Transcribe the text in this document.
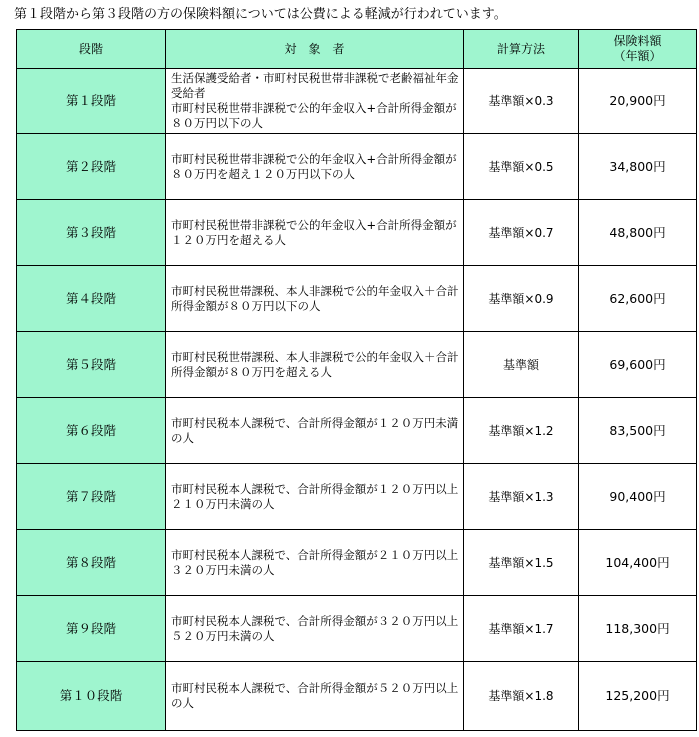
第１段階から第３段階の方の保険料額については公費による軽減が行われています。
段階	対　象　者	計算方法	保険料額
（年額）

第１段階	生活保護受給者・市町村民税世帯非課税で老齢福祉年金受給者
市町村民税世帯非課税で公的年金収入+合計所得金額が８０万円以下の人	基準額×0.3	20,900円
第２段階	市町村民税世帯非課税で公的年金収入+合計所得金額が８０万円を超え１２０万円以下の人	基準額×0.5	34,800円
第３段階	市町村民税世帯非課税で公的年金収入+合計所得金額が１２０万円を超える人	基準額×0.7	48,800円
第４段階	市町村民税世帯課税、本人非課税で公的年金収入＋合計所得金額が８０万円以下の人	基準額×0.9	62,600円
第５段階	市町村民税世帯課税、本人非課税で公的年金収入＋合計所得金額が８０万円を超える人	基準額	69,600円
第６段階	市町村民税本人課税で、合計所得金額が１２０万円未満の人	基準額×1.2	83,500円
第７段階	市町村民税本人課税で、合計所得金額が１２０万円以上２１０万円未満の人	基準額×1.3	90,400円
第８段階	市町村民税本人課税で、合計所得金額が２１０万円以上３２０万円未満の人	基準額×1.5	104,400円
第９段階	市町村民税本人課税で、合計所得金額が３２０万円以上５２０万円未満の人	基準額×1.7	118,300円
第１０段階	市町村民税本人課税で、合計所得金額が５２０万円以上の人	基準額×1.8	125,200円
